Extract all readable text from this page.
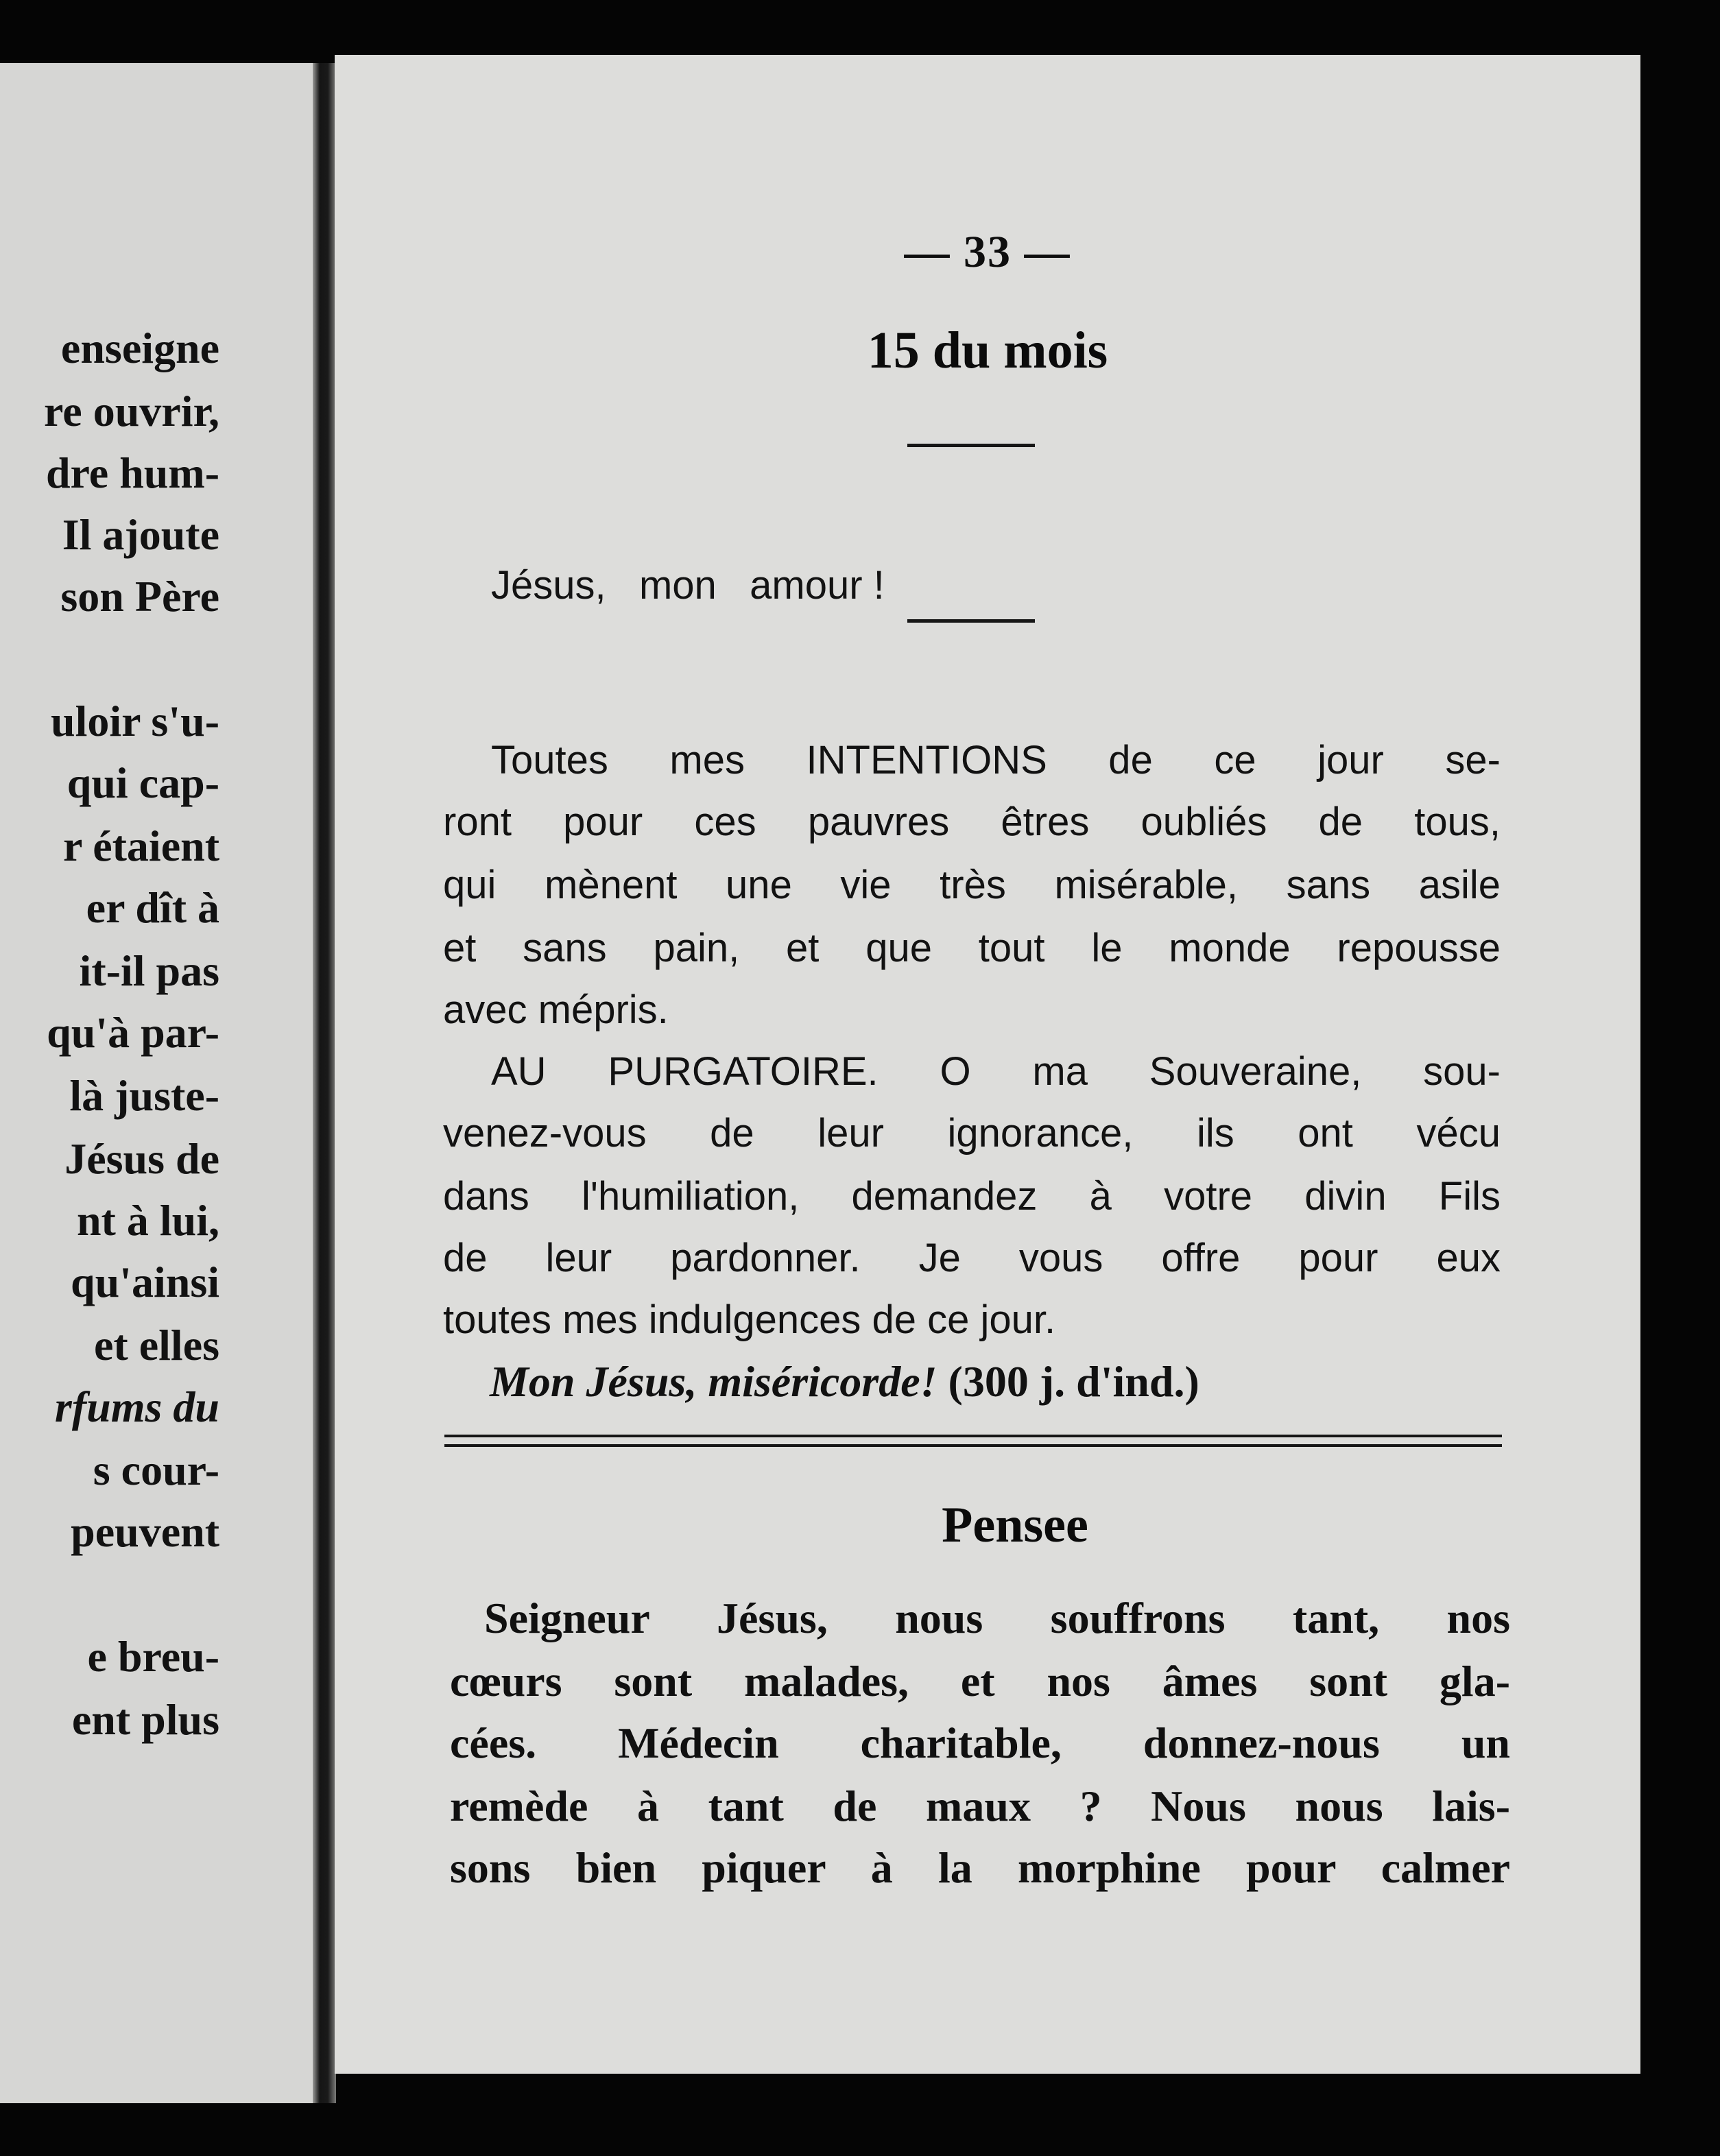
enseigne
re ouvrir,
dre hum-
Il ajoute
son Père
uloir s'u-
qui cap-
r étaient
er dît à
it-il pas
qu'à par-
là juste-
Jésus de
nt à lui,
qu'ainsi
et elles
rfums du
s cour-
peuvent
e breu-
ent plus
— 33 —
15 du mois
Jésus,   mon   amour !
Toutes mes INTENTIONS de ce jour se-
ront pour ces pauvres êtres oubliés de tous,
qui mènent une vie très misérable, sans asile
et sans pain, et que tout le monde repousse
avec mépris.
AU PURGATOIRE. O ma Souveraine, sou-
venez-vous de leur ignorance, ils ont vécu
dans l'humiliation, demandez à votre divin Fils
de leur pardonner. Je vous offre pour eux
toutes mes indulgences de ce jour.
Mon Jésus, miséricorde! (300 j. d'ind.)
Pensee
Seigneur Jésus, nous souffrons tant, nos
cœurs sont malades, et nos âmes sont gla-
cées. Médecin charitable, donnez-nous un
remède à tant de maux ? Nous nous lais-
sons bien piquer à la morphine pour calmer
